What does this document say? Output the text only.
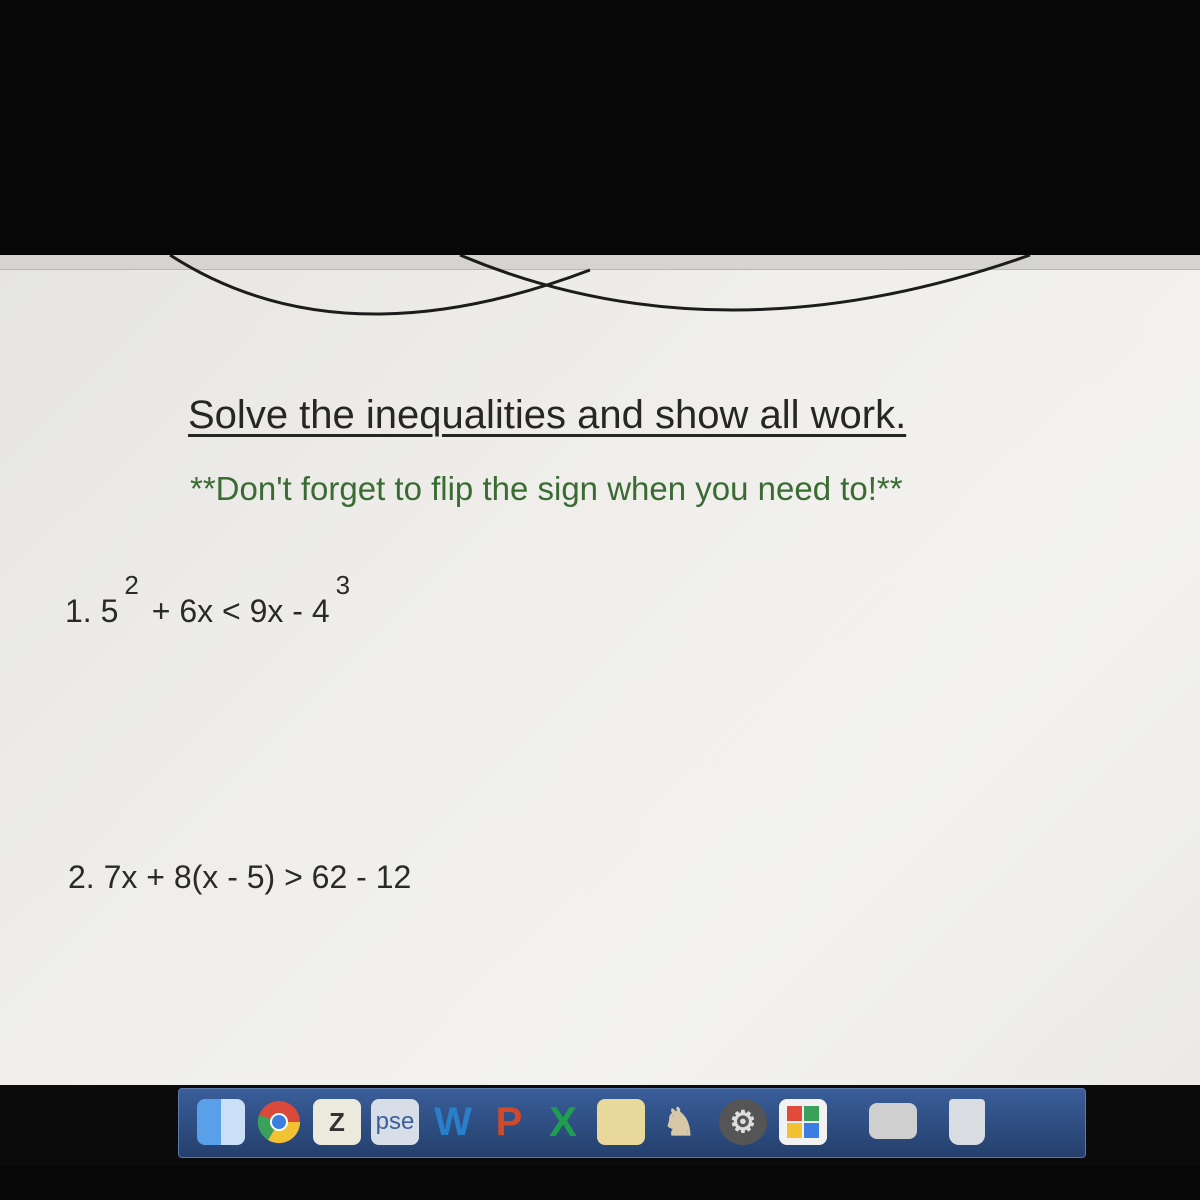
Solve the inequalities and show all work.
**Don't forget to flip the sign when you need to!**
1. $5^2 + 6x < 9x - 4^3$
2. 7x + 8(x - 5) > 62 - 12
Z	pse W P X ♞	⚙
